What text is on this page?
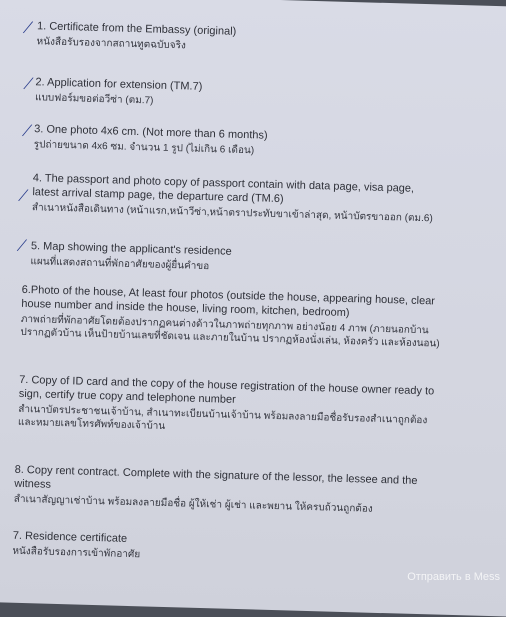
1. Certificate from the Embassy (original)
หนังสือรับรองจากสถานทูตฉบับจริง
2. Application for extension (TM.7)
แบบฟอร์มขอต่อวีซ่า (ตม.7)
3. One photo 4x6 cm. (Not more than 6 months)
รูปถ่ายขนาด 4x6 ซม. จำนวน 1 รูป (ไม่เกิน 6 เดือน)
4. The passport and photo copy of passport contain with data page, visa page, latest arrival stamp page, the departure card (TM.6)
สำเนาหนังสือเดินทาง (หน้าแรก,หน้าวีซ่า,หน้าตราประทับขาเข้าล่าสุด, หน้าบัตรขาออก (ตม.6)
5. Map showing the applicant's residence
แผนที่แสดงสถานที่พักอาศัยของผู้ยื่นคำขอ
6.Photo of the house, At least four photos (outside the house, appearing house, clear house number and inside the house, living room, kitchen, bedroom)
ภาพถ่ายที่พักอาศัยโดยต้องปรากฏคนต่างด้าวในภาพถ่ายทุกภาพ อย่างน้อย 4 ภาพ (ภายนอกบ้าน ปรากฏตัวบ้าน เห็นป้ายบ้านเลขที่ชัดเจน และภายในบ้าน ปรากฏห้องนั่งเล่น, ห้องครัว และห้องนอน)
7. Copy of ID card and the copy of the house registration of the house owner ready to sign, certify true copy and telephone number
สำเนาบัตรประชาชนเจ้าบ้าน, สำเนาทะเบียนบ้านเจ้าบ้าน พร้อมลงลายมือชื่อรับรองสำเนาถูกต้อง และหมายเลขโทรศัพท์ของเจ้าบ้าน
8. Copy rent contract. Complete with the signature of the lessor, the lessee and the witness
สำเนาสัญญาเช่าบ้าน พร้อมลงลายมือชื่อ ผู้ให้เช่า ผู้เช่า และพยาน ให้ครบถ้วนถูกต้อง
7. Residence certificate
หนังสือรับรองการเข้าพักอาศัย
Отправить в Mess
